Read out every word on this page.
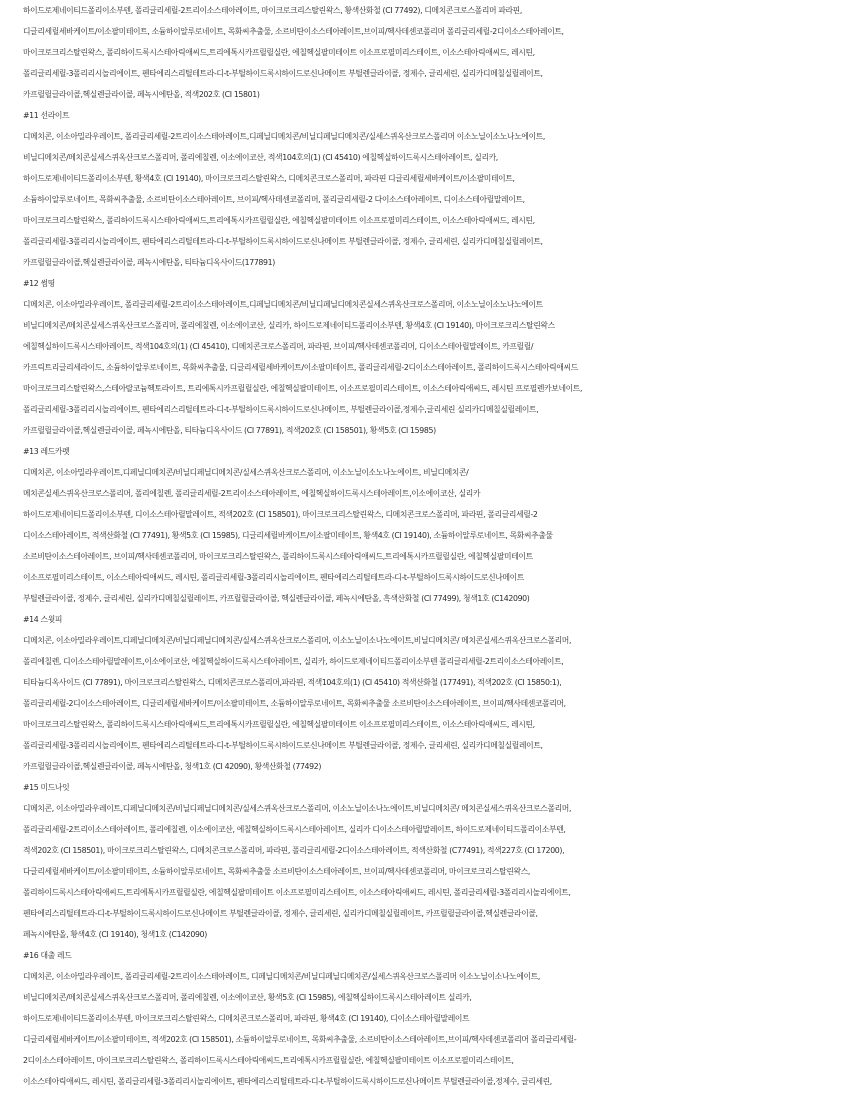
하이드로제네이티드폴리이소부텐, 폴리글리세릴-2트리이소스테아레이트, 마이크로크리스탈린왁스, 황색산화철 (CI 77492), 디메치콘크로스폴리머 파라핀,
디글리세릴세바케이트/이소팔미테이트, 소듐하이알루로네이트, 목화씨추출물, 소르비탄이소스테아레이트,브이피/헥사데센코폴리머 폴리글리세릴-2디이소스테아레이트,
마이크로크리스탈린왁스, 폴리하이드록시스테아릭애씨드,트리에톡시카프릴릴실란, 에칠헥실팔미테이트 이소프로필미리스테이트, 이소스테아릭애씨드, 레시틴,
폴리글리세릴-3폴리리시놀리에이트, 펜타에리스리틸테트라-디-t-부틸하이드록시하이드로신나메이트 부틸렌글라이콜, 정제수, 글리세린, 실리카디메칠실릴레이트,
카프릴릴글라이콜,헥실렌글라이콜, 페녹시에탄올, 적색202호 (CI 15801)
#11 선라이트
디메치콘, 이소아밀라우레이트, 폴리글리세릴-2트리이소스테아레이트,디페닐디메치콘/비닐디페닐디메치콘/실세스퀴옥산크로스폴리머 이소노닐이소노나노에이트,
비닐디메치콘/메치콘실세스퀴옥산크로스폴리머, 폴리에칠렌, 이소에이코산, 적색104호의(1) (CI 45410) 에칠헥실하이드록시스테아레이트, 실리카,
하이드로제네이티드폴리이소부텐, 황색4호 (CI 19140), 마이크로크리스탈린왁스, 디메치콘크로스폴리머, 파라핀 디글리세릴세바케이트/이소팔미테이트,
소듐하이알루로네이트, 목화씨추출물, 소르비탄이소스테아레이트, 브이피/헥사데센코폴리머, 폴리글리세릴-2 다이소스테아레이트, 디이소스테아릴말레이트,
마이크로크리스탈린왁스, 폴리하이드록시스테아릭애씨드,트리에톡시카프릴릴실란, 에칠헥실팔미테이트 이소프로필미리스테이트, 이소스테아릭애씨드, 레시틴,
폴리글리세릴-3폴리리시놀리에이트, 펜타에리스리틸테트라-디-t-부틸하이드록시하이드로신나메이트 부틸렌글라이콜, 정제수, 글리세린, 실리카디메칠실릴레이트,
카프릴릴글라이콜,헥실렌글라이콜, 페녹시에탄올, 티타늄디옥사이드(177891)
#12 썸띵
디메치콘, 이소아밀라우레이트, 폴리글리세릴-2트리이소스테아레이트,디페닐디메치콘/비닐디페닐디메치콘실세스퀴옥산크로스폴리머, 이소노닐이소노나노에이트
비닐디메치콘/메치콘실세스퀴옥산크로스폴리머, 폴리에칠렌, 이소에이코산, 실리카, 하이드로제네이티드폴리이소부텐, 황색4호 (CI 19140), 마이크로크리스탈린왁스
에칠헥실하이드록시스테아레이트, 적색104호의(1) (CI 45410), 디메치콘크로스폴리머, 파라핀, 브이피/헥사데센코폴리머, 디이소스테아릴말레이트, 카프릴릴/
카프릭트리글리세라이드, 소듐하이알루로네이트, 목화씨추출물, 디글리세릴세바케이트/이소팔미테이트, 폴리글리세릴-2디이소스테아레이트, 폴리하이드록시스테아릭애씨드
마이크로크리스탈린왁스,스테아랄코늄헥토라이트, 트리에톡시카프릴릴실란, 에칠헥실팔미테이트, 이소프로필미리스테이트, 이소스테아릭애씨드, 레시틴 프로필렌카보네이트,
폴리글리세릴-3폴리리시놀리에이트, 펜타에리스리틸테트라-디-t-부틸하이드록시하이드로신나메이트, 부틸렌글라이콜,정제수,글리세린 실리카디메칠실릴레이트,
카프릴릴글라이콜,헥실렌글라이콜, 페녹시에탄올, 티타늄디옥사이드 (CI 77891), 적색202호 (CI 158501), 황색5호 (CI 15985)
#13 레드카펫
디메치콘, 이소아밀라우레이트,디페닐디메치콘/비닐디페닐디메치콘/실세스퀴옥산크로스폴리머, 이소노닐이소노나노에이트, 비닐디메치콘/
메치콘실세스퀴옥산크로스폴리머, 폴리에칠렌, 폴리글리세릴-2트리이소스테아레이트, 에칠헥실하이드록시스테아레이트,이소에이코산, 실리카
하이드로제네이티드폴리이소부텐, 디이소스테아릴말레이트, 적색202호 (CI 158501), 마이크로크리스탈린왁스, 디메치콘크로스폴리머, 파라핀, 폴리글리세릴-2
디이소스테아레이트, 적색산화철 (CI 77491), 황색5호 (CI 15985), 디글리세릴바케이트/이소팔미테이트, 황색4호 (CI 19140), 소듐하이알루로네이트, 목화씨추출물
소르비탄이소스테아레이트, 브이피/헥사데센코폴리머, 마이크로크리스탈린왁스, 폴리하이드록시스테아릭애씨드,트리에톡시카프릴릴실란, 에칠헥실팔미테이트
이소프로필미리스테이트, 이소스테아릭애씨드, 레시틴, 폴리글리세릴-3폴리리시놀리에이트, 펜타에리스리틸테트라-디-t-부틸하이드록시하이드로신나메이트
부틸렌글라이콜, 정제수, 글리세린, 실리카디메칠실릴레이트, 카프릴릴글라이콜, 헥실렌글라이콜, 페녹시에탄올, 흑색산화철 (CI 77499), 청색1호 (C142090)
#14 스윗피
디메치콘, 이소아밀라우레이트,디페닐디메치콘/비닐디페닐디메치콘/실세스퀴옥산크로스폴리머, 이소노닐이소나노에이트,비닐디메치콘/ 메치콘실세스퀴옥산크로스폴리머,
폴리에칠렌, 디이소스테아릴말레이트,이소에이코산, 에칠헥실하이드록시스테아레이트, 실리카, 하이드로제네이티드폴리이소부텐 폴리글리세릴-2트리이소스테아레이트,
티타늄디옥사이드 (CI 77891), 마이크로크리스탈린왁스, 디메치콘크로스폴리머,파라핀, 적색104호의(1) (CI 45410) 적색산화철 (177491), 적색202호 (CI 15850:1),
폴리글리세릴-2디이소스테아레이트, 디글리세릴세바케이트/이소팔미테이트, 소듐하이알루로네이트, 목화씨추출물 소르비탄이소스테아레이트, 브이피/헥사데센코폴리머,
마이크로크리스탈린왁스, 폴리하이드록시스테아릭애씨드,트리에톡시카프릴릴실란, 에칠헥실팔미테이트 이소프로필미리스테이트, 이소스테아릭애씨드, 레시틴,
폴리글리세릴-3폴리리시놀리에이트, 펜타에리스리틸테트라-디-t-부틸하이드록시하이드로신나메이트 부틸렌글라이콜, 정제수, 글리세린, 실리카디메칠실릴레이트,
카프릴릴글라이콜,헥실렌글라이콜, 페녹시에탄올, 청색1호 (CI 42090), 황색산화철 (77492)
#15 미드나잇
디메치콘, 이소아밀라우레이트,디페닐디메치콘/비닐디페닐디메치콘/실세스퀴옥산크로스폴리머, 이소노닐이소나노에이트,비닐디메치콘/ 메치콘실세스퀴옥산크로스폴리머,
폴리글리세릴-2트리이소스테아레이트, 폴리에칠렌, 이소에이코산, 에칠헥실하이드록시스테아레이트, 실리카 디이소스테아릴말레이트, 하이드로제네이티드폴리이소부텐,
적색202호 (CI 158501), 마이크로크리스탈린왁스, 디메치콘크로스폴리머, 파라핀, 폴리글리세릴-2디이소스테아레이트, 적색산화철 (C77491), 적색227호 (CI 17200),
다글리세릴세바케이트/이소팔미테이트, 소듐하이알루로네이트, 목화씨추출물 소르비탄이소스테아레이트, 브이피/헥사데센코폴리머, 마이크로크리스탈린왁스,
폴리하이드록시스테아릭애씨드,트리에톡시카프릴릴실란, 에칠헥실팔미테이트 이소프로필미리스테이트, 이소스테아릭애씨드, 레시틴, 폴리글리세릴-3폴리리시놀리에이트,
펜타에리스리틸테트라-디-t-부틸하이드록시하이드로신나메이트 부틸렌글라이콜, 정제수, 글리세린, 실리카디메칠실릴레이트, 카프릴릴글라이콜,헥실렌글라이콜,
페녹시에탄올, 황색4호 (CI 19140), 청색1호 (C142090)
#16 대출 레드
디메치콘, 이소아밀라우레이트, 폴리글리세릴-2트리이소스테아레이트, 디페닐디메치콘/비닐디페닐디메치콘/실세스퀴옥산크로스폴리머 이소노닐이소나노에이트,
비닐디메치콘/메치콘실세스퀴옥산크로스폴리머, 폴리에칠렌, 이소에이코산, 황색5호 (CI 15985), 에칠헥실하이드록시스테아레이트 실리카,
하이드로제네이티드폴리이소부텐, 마이크로크리스탈린왁스, 디메치콘크로스폴리머, 파라핀, 황색4호 (CI 19140), 디이소스테아릴말레이트
디글리세릴세바케이트/이소팔미테이트, 적색202호 (CI 158501), 소듐하이알루로네이트, 목화씨추출물, 소르비탄이소스테아레이트,브이피/헥사데센코폴리머 폴리글리세릴-
2디이소스테아레이트, 마이크로크리스탈린왁스, 폴리하이드록시스테아릭애씨드,트리에톡시카프릴릴실란, 에칠헥실팔미테이트 이소프로필미리스테이트,
이소스테아릭애씨드, 레시틴, 폴리글리세릴-3폴리리시놀리에이트, 펜타에리스리틸테트라-디-t-부틸하이드록시하이드로신나메이트 부틸렌글라이콜,정제수, 글리세린,
